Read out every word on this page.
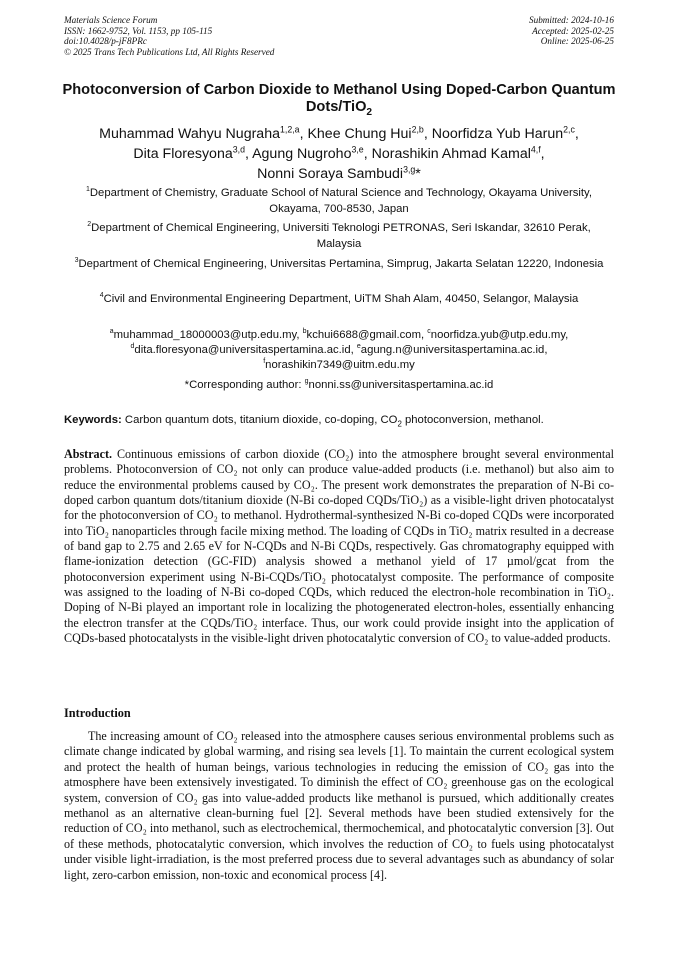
Materials Science Forum
ISSN: 1662-9752, Vol. 1153, pp 105-115
doi:10.4028/p-jF8PRc
© 2025 Trans Tech Publications Ltd, All Rights Reserved
Submitted: 2024-10-16
Accepted: 2025-02-25
Online: 2025-06-25
Photoconversion of Carbon Dioxide to Methanol Using Doped-Carbon Quantum Dots/TiO$_2$
Muhammad Wahyu Nugraha$^{1,2,a}$, Khee Chung Hui$^{2,b}$, Noorfidza Yub Harun$^{2,c}$,
Dita Floresyona$^{3,d}$, Agung Nugroho$^{3,e}$, Norashikin Ahmad Kamal$^{4,f}$,
Nonni Soraya Sambudi$^{3,g}$*
$^1$Department of Chemistry, Graduate School of Natural Science and Technology, Okayama University, Okayama, 700-8530, Japan
$^2$Department of Chemical Engineering, Universiti Teknologi PETRONAS, Seri Iskandar, 32610 Perak, Malaysia
$^3$Department of Chemical Engineering, Universitas Pertamina, Simprug, Jakarta Selatan 12220, Indonesia
$^4$Civil and Environmental Engineering Department, UiTM Shah Alam, 40450, Selangor, Malaysia
$^a$muhammad_18000003@utp.edu.my, $^b$kchui6688@gmail.com, $^c$noorfidza.yub@utp.edu.my,
$^d$dita.floresyona@universitaspertamina.ac.id, $^e$agung.n@universitaspertamina.ac.id,
$^f$norashikin7349@uitm.edu.my
*Corresponding author: $^g$nonni.ss@universitaspertamina.ac.id
Keywords: Carbon quantum dots, titanium dioxide, co-doping, $CO_2$ photoconversion, methanol.
Abstract. Continuous emissions of carbon dioxide (CO₂) into the atmosphere brought several environmental problems. Photoconversion of CO₂ not only can produce value-added products (i.e. methanol) but also aim to reduce the environmental problems caused by CO₂. The present work demonstrates the preparation of N-Bi co-doped carbon quantum dots/titanium dioxide (N-Bi co-doped CQDs/TiO₂) as a visible-light driven photocatalyst for the photoconversion of CO₂ to methanol. Hydrothermal-synthesized N-Bi co-doped CQDs were incorporated into TiO₂ nanoparticles through facile mixing method. The loading of CQDs in TiO₂ matrix resulted in a decrease of band gap to 2.75 and 2.65 eV for N-CQDs and N-Bi CQDs, respectively. Gas chromatography equipped with flame-ionization detection (GC-FID) analysis showed a methanol yield of 17 µmol/gcat from the photoconversion experiment using N-Bi-CQDs/TiO₂ photocatalyst composite. The performance of composite was assigned to the loading of N-Bi co-doped CQDs, which reduced the electron-hole recombination in TiO₂. Doping of N-Bi played an important role in localizing the photogenerated electron-holes, essentially enhancing the electron transfer at the CQDs/TiO₂ interface. Thus, our work could provide insight into the application of CQDs-based photocatalysts in the visible-light driven photocatalytic conversion of CO₂ to value-added products.
Introduction
The increasing amount of CO₂ released into the atmosphere causes serious environmental problems such as climate change indicated by global warming, and rising sea levels [1]. To maintain the current ecological system and protect the health of human beings, various technologies in reducing the emission of CO₂ gas into the atmosphere have been extensively investigated. To diminish the effect of CO₂ greenhouse gas on the ecological system, conversion of CO₂ gas into value-added products like methanol is pursued, which additionally creates methanol as an alternative clean-burning fuel [2]. Several methods have been studied extensively for the reduction of CO₂ into methanol, such as electrochemical, thermochemical, and photocatalytic conversion [3]. Out of these methods, photocatalytic conversion, which involves the reduction of CO₂ to fuels using photocatalyst under visible light-irradiation, is the most preferred process due to several advantages such as abundancy of solar light, zero-carbon emission, non-toxic and economical process [4].
